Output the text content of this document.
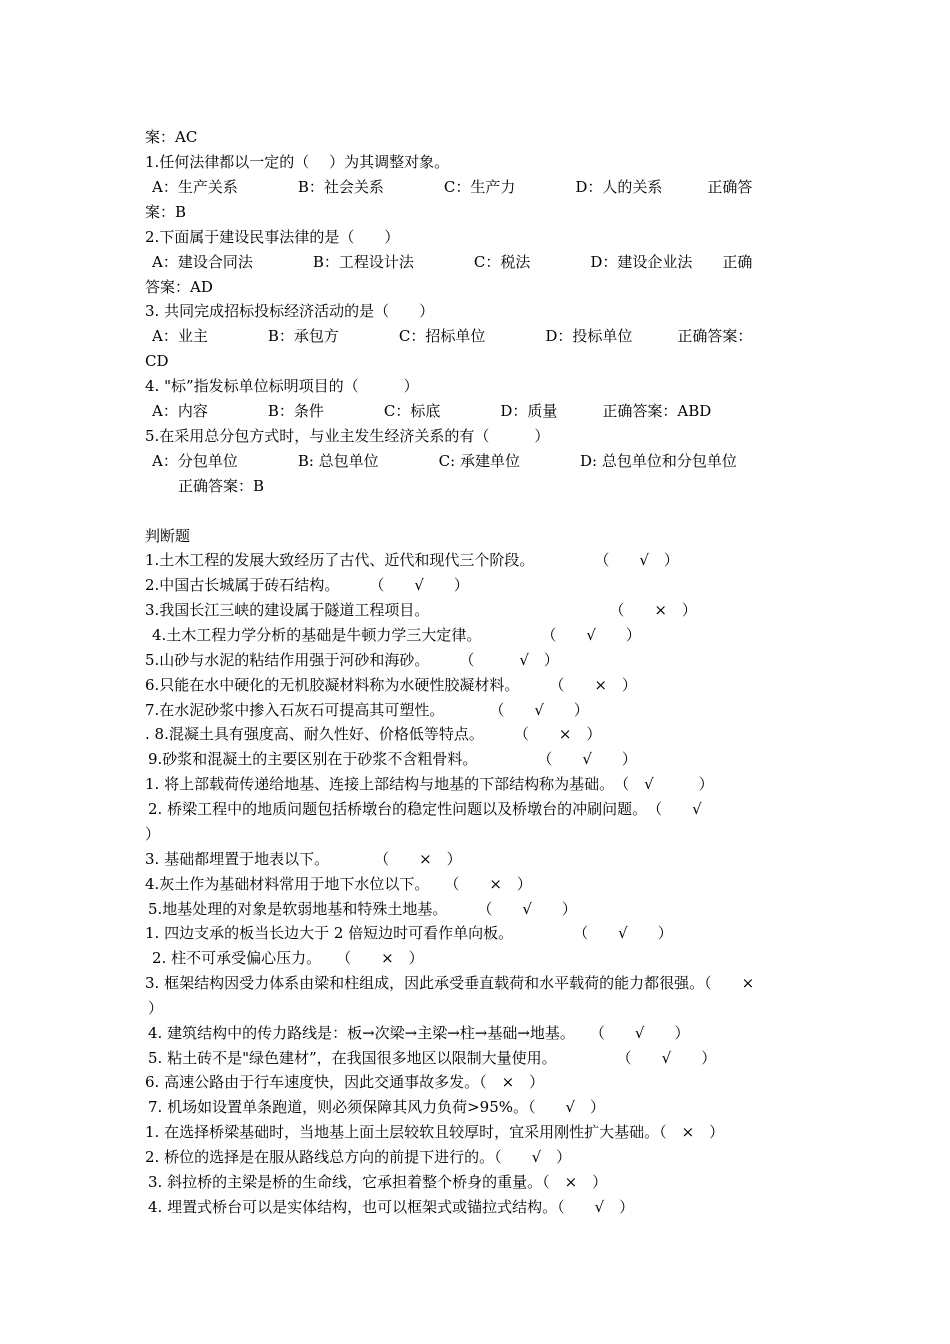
案：AC
1.任何法律都以一定的（　 ）为其调整对象。
A：生产关系　　　　B：社会关系　　　　C：生产力　　　　D：人的关系　　　正确答
案：B
2.下面属于建设民事法律的是（　　）
A：建设合同法　　　　B：工程设计法　　　　C：税法　　　　D：建设企业法　　正确
答案：AD
3. 共同完成招标投标经济活动的是（　　）
A：业主　　　　B：承包方　　　　C：招标单位　　　　D：投标单位　　　正确答案：
CD
4. "标”指发标单位标明项目的（　　　）
A：内容　　　　B：条件　　　　C：标底　　　　D：质量　　　正确答案：ABD
5.在采用总分包方式时，与业主发生经济关系的有（　　　）
A：分包单位　　　　B: 总包单位　　　　C: 承建单位　　　　D: 总包单位和分包单位
正确答案：B
判断题
1.土木工程的发展大致经历了古代、近代和现代三个阶段。　　　　　（　　√　）
2.中国古长城属于砖石结构。　　　（　　√　　）
3.我国长江三峡的建设属于隧道工程项目。　　　　　　　　　　　　　（　　×　）
4.土木工程力学分析的基础是牛顿力学三大定律。　　　　　（　　√　　）
5.山砂与水泥的粘结作用强于河砂和海砂。　　　（　　　√　）
6.只能在水中硬化的无机胶凝材料称为水硬性胶凝材料。　　　（　　×　）
7.在水泥砂浆中掺入石灰石可提高其可塑性。　　　　（　　√　　）
. 8.混凝土具有强度高、耐久性好、价格低等特点。　　　（　　×　）
9.砂浆和混凝土的主要区别在于砂浆不含粗骨料。　　　　　（　　√　　）
1. 将上部载荷传递给地基、连接上部结构与地基的下部结构称为基础。　（　√　　　）
2. 桥梁工程中的地质问题包括桥墩台的稳定性问题以及桥墩台的冲刷问题。　（　　√
）
3. 基础都埋置于地表以下。　　　　（　　×　）
4.灰土作为基础材料常用于地下水位以下。　　（　　×　）
5.地基处理的对象是软弱地基和特殊土地基。　　　（　　√　　）
1. 四边支承的板当长边大于 2 倍短边时可看作单向板。　　　　　（　　√　　）
2. 柱不可承受偏心压力。　　（　　×　）
3. 框架结构因受力体系由梁和柱组成，因此承受垂直载荷和水平载荷的能力都很强。（　　×
）
4. 建筑结构中的传力路线是：板→次梁→主梁→柱→基础→地基。　　（　　√　　）
5. 粘土砖不是"绿色建材”，在我国很多地区以限制大量使用。　　　　　（　　√　　）
6. 高速公路由于行车速度快，因此交通事故多发。（　×　）
7. 机场如设置单条跑道，则必须保障其风力负荷>95%。（　　√　）
1. 在选择桥梁基础时，当地基上面土层较软且较厚时，宜采用刚性扩大基础。（　×　）
2. 桥位的选择是在服从路线总方向的前提下进行的。（　　√　）
3. 斜拉桥的主梁是桥的生命线，它承担着整个桥身的重量。（　×　）
4. 埋置式桥台可以是实体结构，也可以框架式或锚拉式结构。（　　√　）
